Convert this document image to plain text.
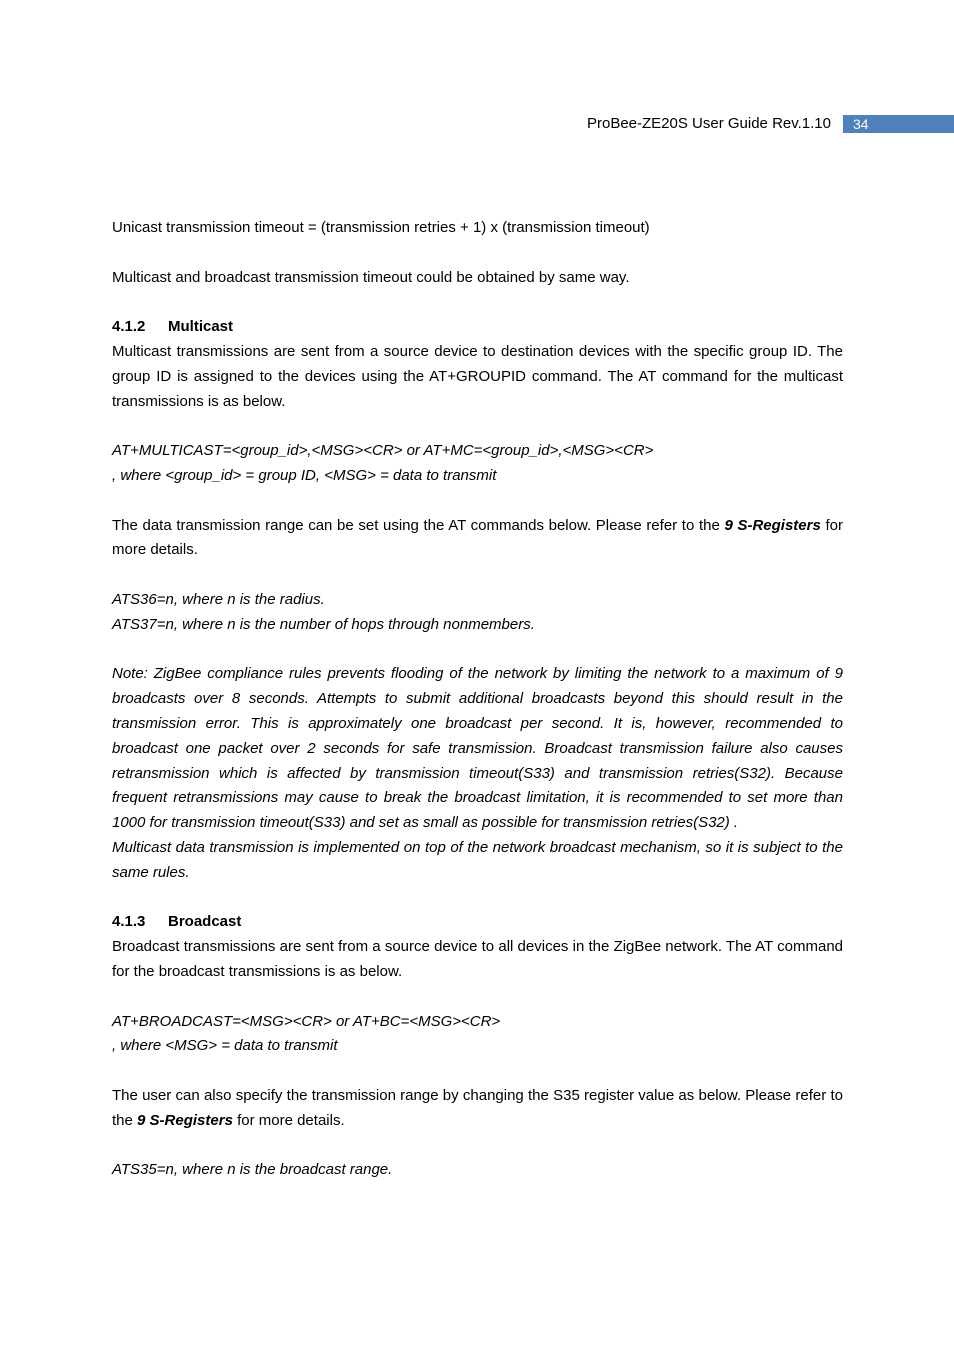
ProBee-ZE20S User Guide Rev.1.10	34

Unicast transmission timeout = (transmission retries + 1) x (transmission timeout)

Multicast and broadcast transmission timeout could be obtained by same way.

4.1.2 Multicast

Multicast transmissions are sent from a source device to destination devices with the specific group ID. The group ID is assigned to the devices using the AT+GROUPID command. The AT command for the multicast transmissions is as below.

AT+MULTICAST=<group_id>,<MSG><CR> or AT+MC=<group_id>,<MSG><CR>

, where <group_id> = group ID, <MSG> = data to transmit

The data transmission range can be set using the AT commands below. Please refer to the 9 S-Registers for more details.

ATS36=n, where n is the radius.

ATS37=n, where n is the number of hops through nonmembers.

Note: ZigBee compliance rules prevents flooding of the network by limiting the network to a maximum of 9 broadcasts over 8 seconds. Attempts to submit additional broadcasts beyond this should result in the transmission error. This is approximately one broadcast per second. It is, however, recommended to broadcast one packet over 2 seconds for safe transmission. Broadcast transmission failure also causes retransmission which is affected by transmission timeout(S33) and transmission retries(S32). Because frequent retransmissions may cause to break the broadcast limitation, it is recommended to set more than 1000 for transmission timeout(S33) and set as small as possible for transmission retries(S32) .

Multicast data transmission is implemented on top of the network broadcast mechanism, so it is subject to the same rules.

4.1.3 Broadcast

Broadcast transmissions are sent from a source device to all devices in the ZigBee network. The AT command for the broadcast transmissions is as below.

AT+BROADCAST=<MSG><CR> or AT+BC=<MSG><CR>

, where <MSG> = data to transmit

The user can also specify the transmission range by changing the S35 register value as below. Please refer to the 9 S-Registers for more details.

ATS35=n, where n is the broadcast range.
